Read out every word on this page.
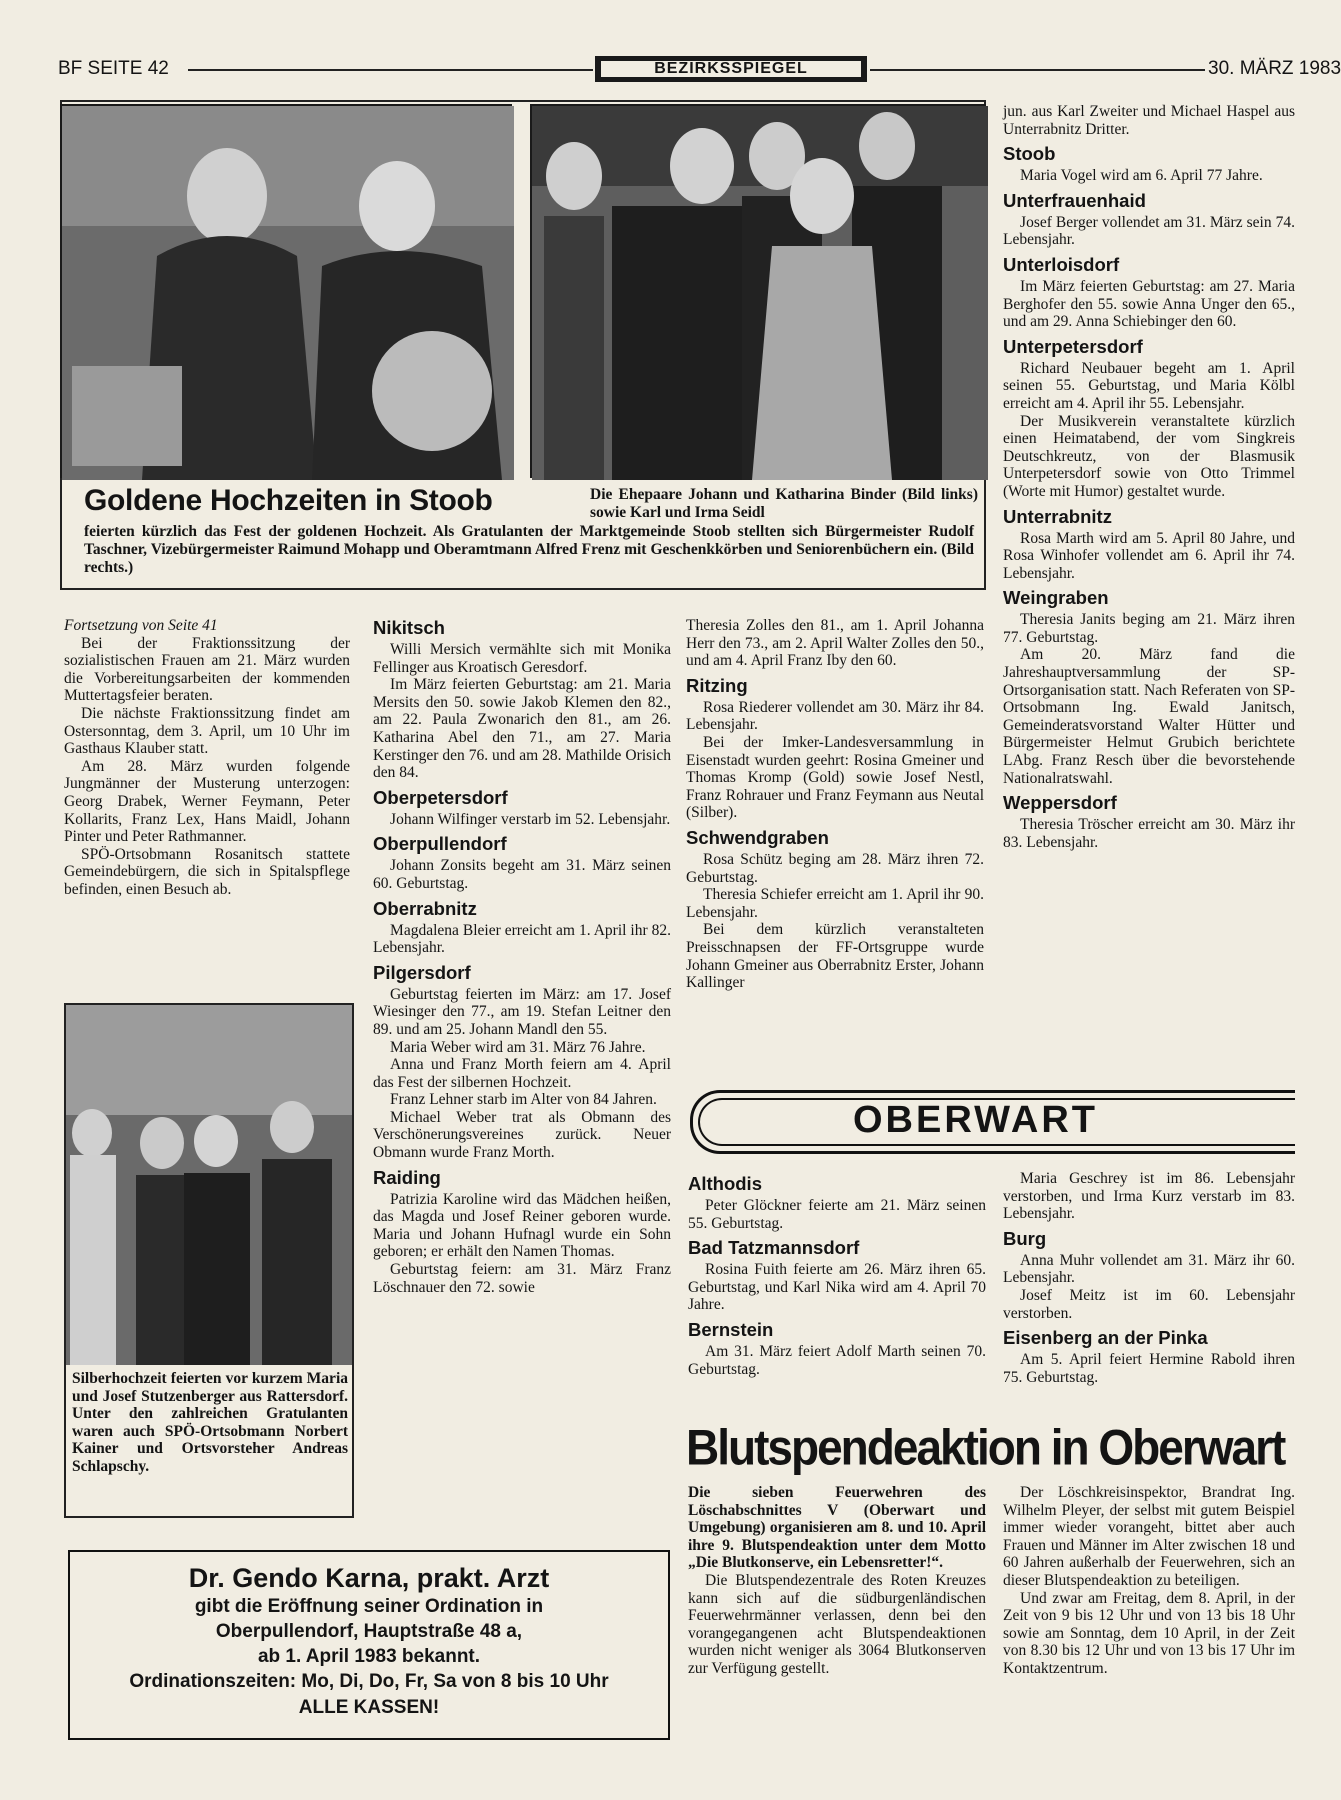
BF SEITE 42	BEZIRKSSPIEGEL	30. MÄRZ 1983
Goldene Hochzeiten in Stoob	Die Ehepaare Johann und Katharina Binder (Bild links) sowie Karl und Irma Seidl
feierten kürzlich das Fest der goldenen Hochzeit. Als Gratulanten der Marktgemeinde Stoob stellten sich Bürgermeister Rudolf Taschner, Vizebürgermeister Raimund Mohapp und Oberamtmann Alfred Frenz mit Geschenkkörben und Seniorenbüchern ein. (Bild rechts.)

Fortsetzung von Seite 41

Bei der Fraktionssitzung der sozialistischen Frauen am 21. März wurden die Vorbereitungsarbeiten der kommenden Muttertagsfeier beraten.

Die nächste Fraktionssitzung findet am Ostersonntag, dem 3. April, um 10 Uhr im Gasthaus Klauber statt.

Am 28. März wurden folgende Jungmänner der Musterung unterzogen: Georg Drabek, Werner Feymann, Peter Kollarits, Franz Lex, Hans Maidl, Johann Pinter und Peter Rathmanner.

SPÖ-Ortsobmann Rosanitsch stattete Gemeindebürgern, die sich in Spitalspflege befinden, einen Besuch ab.

Silberhochzeit feierten vor kurzem Maria und Josef Stutzenberger aus Rattersdorf. Unter den zahlreichen Gratulanten waren auch SPÖ-Ortsobmann Norbert Kainer und Ortsvorsteher Andreas Schlapschy.
Nikitsch

Willi Mersich vermählte sich mit Monika Fellinger aus Kroatisch Geresdorf.

Im März feierten Geburtstag: am 21. Maria Mersits den 50. sowie Jakob Klemen den 82., am 22. Paula Zwonarich den 81., am 26. Katharina Abel den 71., am 27. Maria Kerstinger den 76. und am 28. Mathilde Orisich den 84.

Oberpetersdorf

Johann Wilfinger verstarb im 52. Lebensjahr.

Oberpullendorf

Johann Zonsits begeht am 31. März seinen 60. Geburtstag.

Oberrabnitz

Magdalena Bleier erreicht am 1. April ihr 82. Lebensjahr.

Pilgersdorf

Geburtstag feierten im März: am 17. Josef Wiesinger den 77., am 19. Stefan Leitner den 89. und am 25. Johann Mandl den 55.

Maria Weber wird am 31. März 76 Jahre.

Anna und Franz Morth feiern am 4. April das Fest der silbernen Hochzeit.

Franz Lehner starb im Alter von 84 Jahren.

Michael Weber trat als Obmann des Verschönerungsvereines zurück. Neuer Obmann wurde Franz Morth.

Raiding

Patrizia Karoline wird das Mädchen heißen, das Magda und Josef Reiner geboren wurde. Maria und Johann Hufnagl wurde ein Sohn geboren; er erhält den Namen Thomas.

Geburtstag feiern: am 31. März Franz Löschnauer den 72. sowie

Theresia Zolles den 81., am 1. April Johanna Herr den 73., am 2. April Walter Zolles den 50., und am 4. April Franz Iby den 60.

Ritzing

Rosa Riederer vollendet am 30. März ihr 84. Lebensjahr.

Bei der Imker-Landesversammlung in Eisenstadt wurden geehrt: Rosina Gmeiner und Thomas Kromp (Gold) sowie Josef Nestl, Franz Rohrauer und Franz Feymann aus Neutal (Silber).

Schwendgraben

Rosa Schütz beging am 28. März ihren 72. Geburtstag.

Theresia Schiefer erreicht am 1. April ihr 90. Lebensjahr.

Bei dem kürzlich veranstalteten Preisschnapsen der FF-Ortsgruppe wurde Johann Gmeiner aus Oberrabnitz Erster, Johann Kallinger

jun. aus Karl Zweiter und Michael Haspel aus Unterrabnitz Dritter.

Stoob

Maria Vogel wird am 6. April 77 Jahre.

Unterfrauenhaid

Josef Berger vollendet am 31. März sein 74. Lebensjahr.

Unterloisdorf

Im März feierten Geburtstag: am 27. Maria Berghofer den 55. sowie Anna Unger den 65., und am 29. Anna Schiebinger den 60.

Unterpetersdorf

Richard Neubauer begeht am 1. April seinen 55. Geburtstag, und Maria Kölbl erreicht am 4. April ihr 55. Lebensjahr.

Der Musikverein veranstaltete kürzlich einen Heimatabend, der vom Singkreis Deutschkreutz, von der Blasmusik Unterpetersdorf sowie von Otto Trimmel (Worte mit Humor) gestaltet wurde.

Unterrabnitz

Rosa Marth wird am 5. April 80 Jahre, und Rosa Winhofer vollendet am 6. April ihr 74. Lebensjahr.

Weingraben

Theresia Janits beging am 21. März ihren 77. Geburtstag.

Am 20. März fand die Jahreshauptversammlung der SP-Ortsorganisation statt. Nach Referaten von SP-Ortsobmann Ing. Ewald Janitsch, Gemeinderatsvorstand Walter Hütter und Bürgermeister Helmut Grubich berichtete LAbg. Franz Resch über die bevorstehende Nationalratswahl.

Weppersdorf

Theresia Tröscher erreicht am 30. März ihr 83. Lebensjahr.

OBERWART
Althodis

Peter Glöckner feierte am 21. März seinen 55. Geburtstag.

Bad Tatzmannsdorf

Rosina Fuith feierte am 26. März ihren 65. Geburtstag, und Karl Nika wird am 4. April 70 Jahre.

Bernstein

Am 31. März feiert Adolf Marth seinen 70. Geburtstag.

Maria Geschrey ist im 86. Lebensjahr verstorben, und Irma Kurz verstarb im 83. Lebensjahr.

Burg

Anna Muhr vollendet am 31. März ihr 60. Lebensjahr.

Josef Meitz ist im 60. Lebensjahr verstorben.

Eisenberg an der Pinka

Am 5. April feiert Hermine Rabold ihren 75. Geburtstag.

Blutspendeaktion in Oberwart

Die sieben Feuerwehren des Löschabschnittes V (Oberwart und Umgebung) organisieren am 8. und 10. April ihre 9. Blutspendeaktion unter dem Motto „Die Blutkonserve, ein Lebensretter!“.

Die Blutspendezentrale des Roten Kreuzes kann sich auf die südburgenländischen Feuerwehrmänner verlassen, denn bei den vorangegangenen acht Blutspendeaktionen wurden nicht weniger als 3064 Blutkonserven zur Verfügung gestellt.

Der Löschkreisinspektor, Brandrat Ing. Wilhelm Pleyer, der selbst mit gutem Beispiel immer wieder vorangeht, bittet aber auch Frauen und Männer im Alter zwischen 18 und 60 Jahren außerhalb der Feuerwehren, sich an dieser Blutspendeaktion zu beteiligen.

Und zwar am Freitag, dem 8. April, in der Zeit von 9 bis 12 Uhr und von 13 bis 18 Uhr sowie am Sonntag, dem 10 April, in der Zeit von 8.30 bis 12 Uhr und von 13 bis 17 Uhr im Kontaktzentrum.

Dr. Gendo Karna, prakt. Arzt
gibt die Eröffnung seiner Ordination in
Oberpullendorf, Hauptstraße 48 a,
ab 1. April 1983 bekannt.
Ordinationszeiten: Mo, Di, Do, Fr, Sa von 8 bis 10 Uhr
ALLE KASSEN!
